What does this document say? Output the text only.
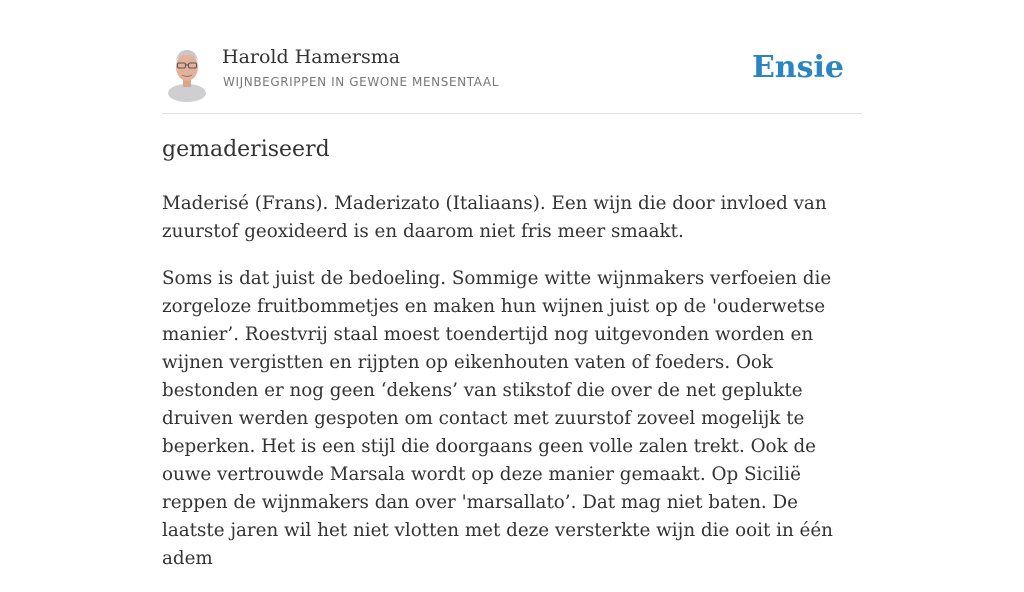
Harold Hamersma
WIJNBEGRIPPEN IN GEWONE MENSENTAAL	Ensie
gemaderiseerd

Maderisé (Frans). Maderizato (Italiaans). Een wijn die door invloed van zuurstof geoxideerd is en daarom niet fris meer smaakt.

Soms is dat juist de bedoeling. Sommige witte wijnmakers verfoeien die zorgeloze fruitbommetjes en maken hun wijnen juist op de 'ouderwetse manier’. Roestvrij staal moest toendertijd nog uitgevonden worden en wijnen vergistten en rijpten op eikenhouten vaten of foeders. Ook bestonden er nog geen ‘dekens’ van stikstof die over de net geplukte druiven werden gespoten om contact met zuurstof zoveel mogelijk te beperken. Het is een stijl die doorgaans geen volle zalen trekt. Ook de ouwe vertrouwde Marsala wordt op deze manier gemaakt. Op Sicilië reppen de wijnmakers dan over 'marsallato’. Dat mag niet baten. De laatste jaren wil het niet vlotten met deze versterkte wijn die ooit in één adem
